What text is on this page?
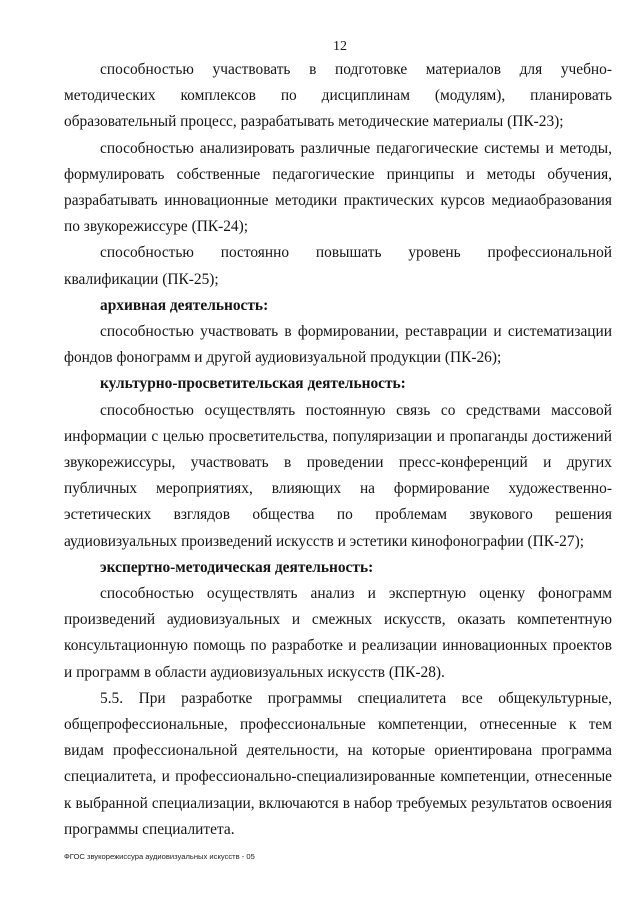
12

способностью участвовать в подготовке материалов для учебно-методических комплексов по дисциплинам (модулям), планировать образовательный процесс, разрабатывать методические материалы (ПК-23);

способностью анализировать различные педагогические системы и методы, формулировать собственные педагогические принципы и методы обучения, разрабатывать инновационные методики практических курсов медиаобразования по звукорежиссуре (ПК-24);

способностью постоянно повышать уровень профессиональной квалификации (ПК-25);

архивная деятельность:

способностью участвовать в формировании, реставрации и систематизации фондов фонограмм и другой аудиовизуальной продукции (ПК-26);

культурно-просветительская деятельность:

способностью осуществлять постоянную связь со средствами массовой информации с целью просветительства, популяризации и пропаганды достижений звукорежиссуры, участвовать в проведении пресс-конференций и других публичных мероприятиях, влияющих на формирование художественно-эстетических взглядов общества по проблемам звукового решения аудиовизуальных произведений искусств и эстетики кинофонографии (ПК-27);

экспертно-методическая деятельность:

способностью осуществлять анализ и экспертную оценку фонограмм произведений аудиовизуальных и смежных искусств, оказать компетентную консультационную помощь по разработке и реализации инновационных проектов и программ в области аудиовизуальных искусств (ПК-28).

5.5. При разработке программы специалитета все общекультурные, общепрофессиональные, профессиональные компетенции, отнесенные к тем видам профессиональной деятельности, на которые ориентирована программа специалитета, и профессионально-специализированные компетенции, отнесенные к выбранной специализации, включаются в набор требуемых результатов освоения программы специалитета.

ФГОС звукорежиссура аудиовизуальных искусств - 05
